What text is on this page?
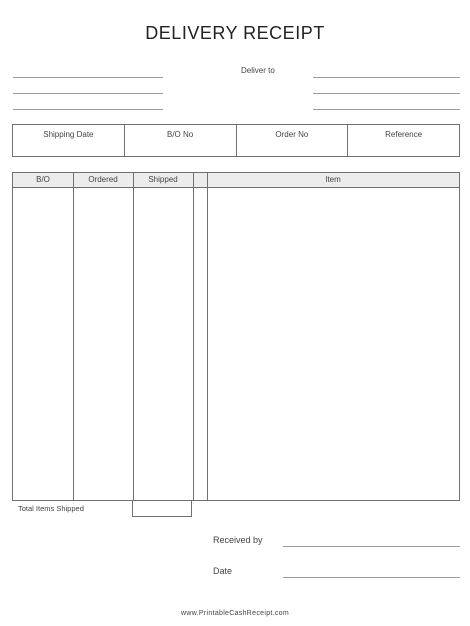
DELIVERY RECEIPT
Deliver to
Shipping Date	B/O No	Order No	Reference
B/O	Ordered	Shipped	Item
Total Items Shipped
Received by
Date
www.PrintableCashReceipt.com
